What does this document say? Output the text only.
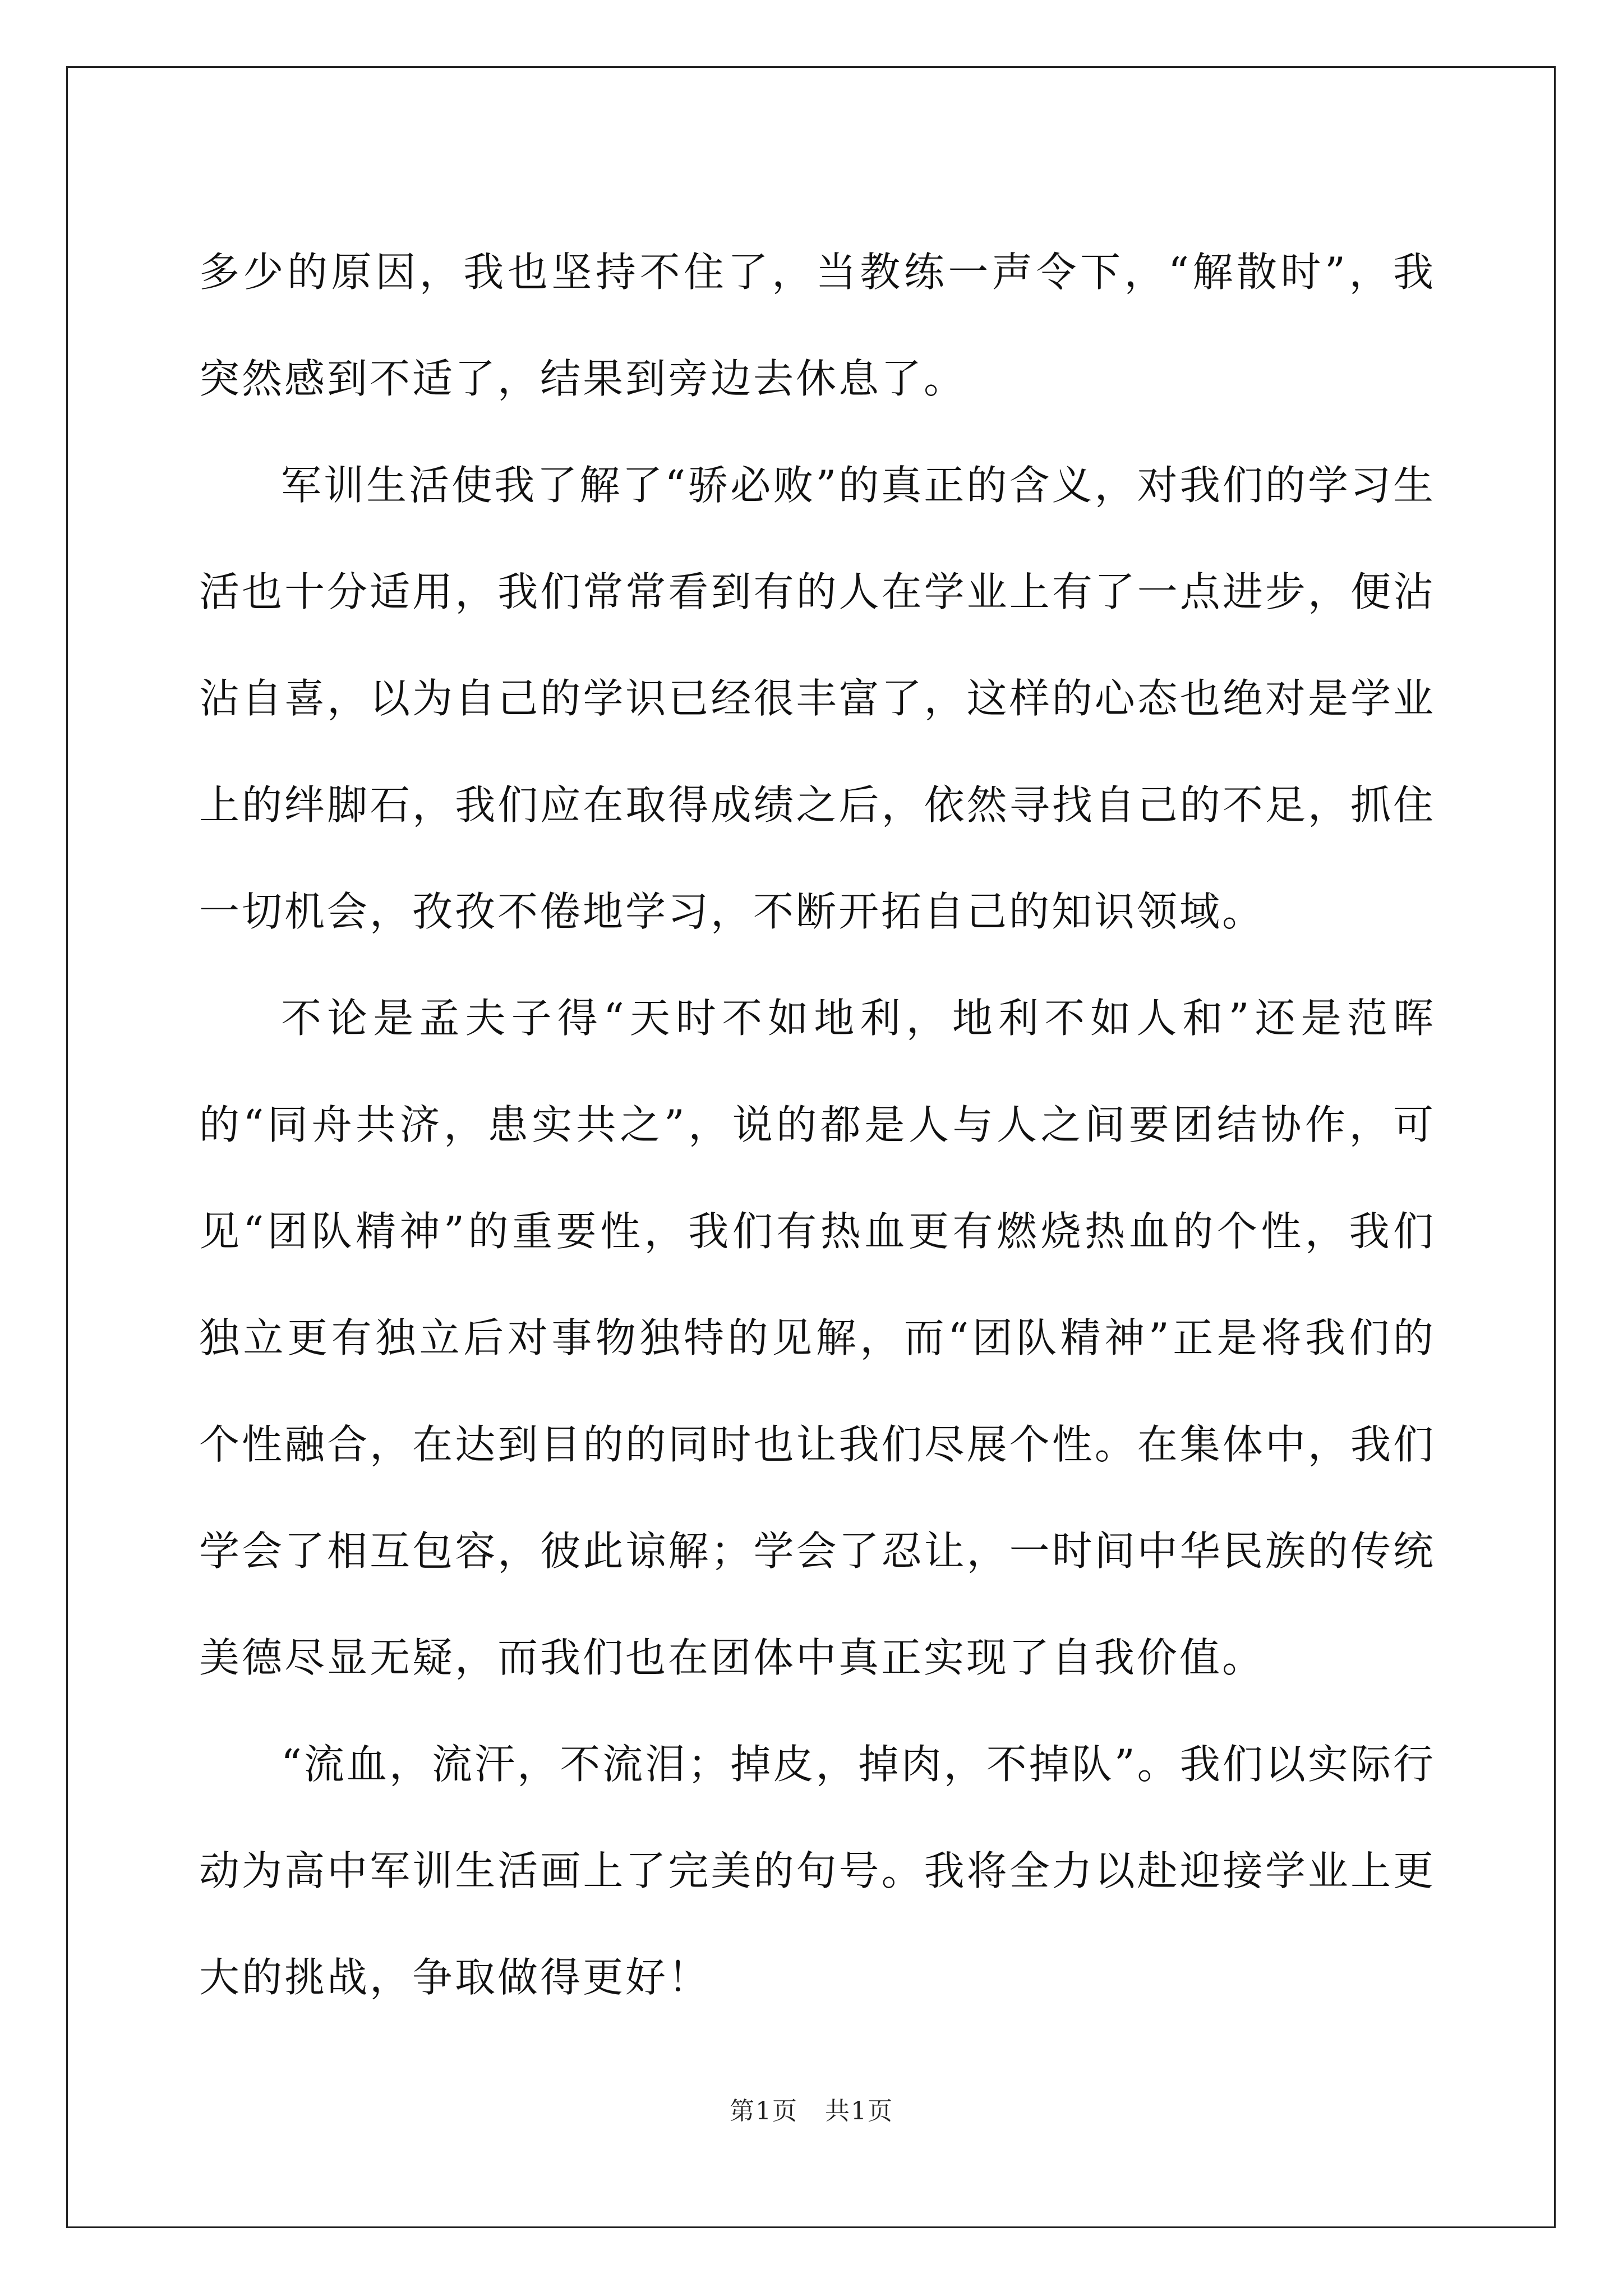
多少的原因，我也坚持不住了，当教练一声令下，“解散时”，我突然感到不适了，结果到旁边去休息了。

军训生活使我了解了“骄必败”的真正的含义，对我们的学习生活也十分适用，我们常常看到有的人在学业上有了一点进步，便沾沾自喜，以为自己的学识已经很丰富了，这样的心态也绝对是学业上的绊脚石，我们应在取得成绩之后，依然寻找自己的不足，抓住一切机会，孜孜不倦地学习，不断开拓自己的知识领域。

不论是孟夫子得“天时不如地利，地利不如人和”还是范晖的“同舟共济，患实共之”，说的都是人与人之间要团结协作，可见“团队精神”的重要性，我们有热血更有燃烧热血的个性，我们独立更有独立后对事物独特的见解，而“团队精神”正是将我们的个性融合，在达到目的的同时也让我们尽展个性。在集体中，我们学会了相互包容，彼此谅解；学会了忍让，一时间中华民族的传统美德尽显无疑，而我们也在团体中真正实现了自我价值。

“流血，流汗，不流泪；掉皮，掉肉，不掉队”。我们以实际行动为高中军训生活画上了完美的句号。我将全力以赴迎接学业上更大的挑战，争取做得更好！

第1页 共1页
